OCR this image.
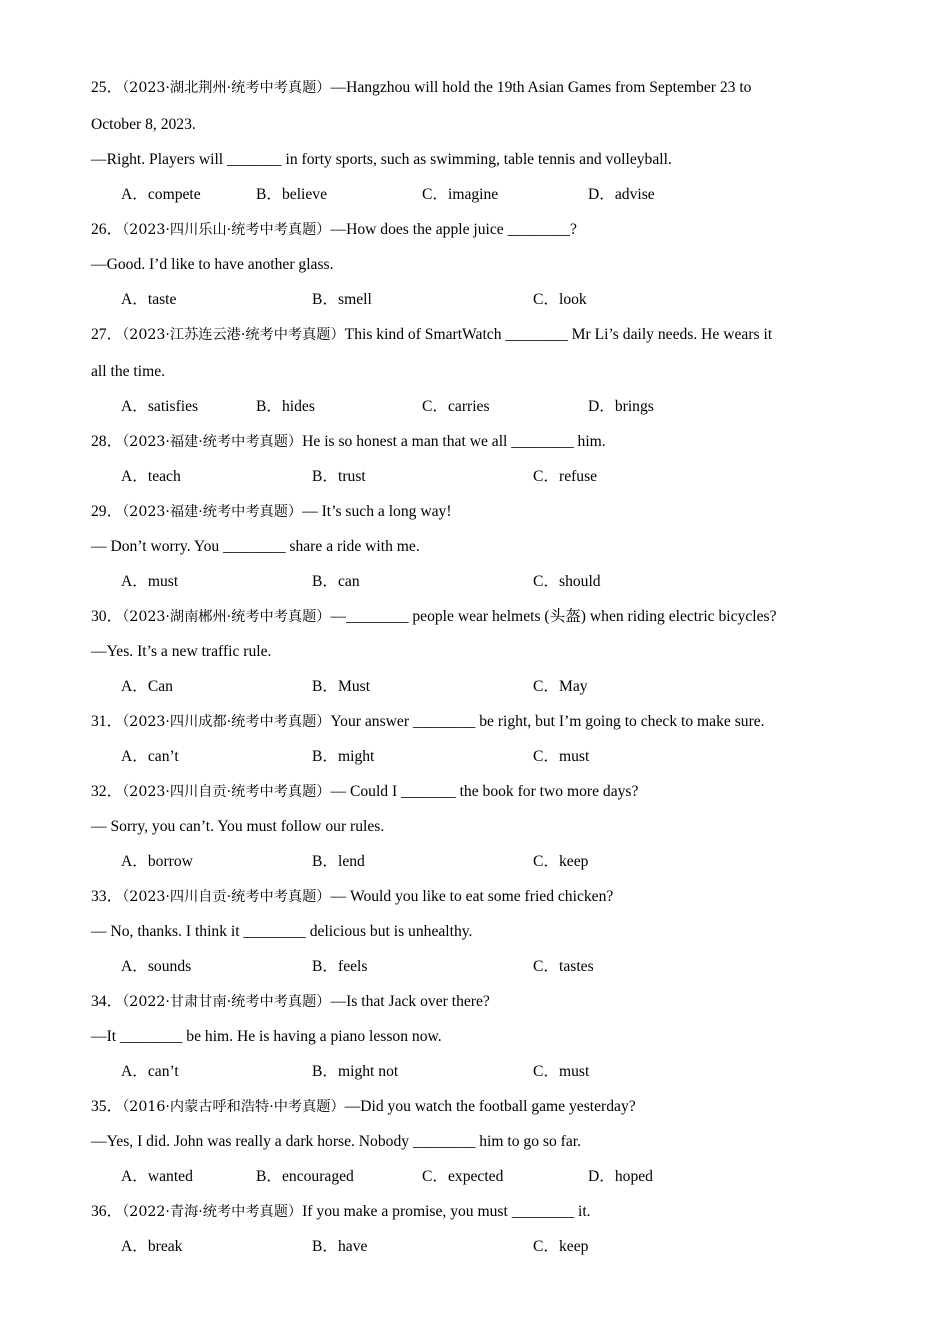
25．（2023·湖北荆州·统考中考真题）—Hangzhou will hold the 19th Asian Games from September 23 to
October 8, 2023.
—Right. Players will _______ in forty sports, such as swimming, table tennis and volleyball.
A．compete	B．believe	C．imagine	D．advise
26．（2023·四川乐山·统考中考真题）—How does the apple juice ________?
—Good. I’d like to have another glass.
A．taste	B．smell	C．look
27．（2023·江苏连云港·统考中考真题）This kind of SmartWatch ________ Mr Li’s daily needs. He wears it
all the time.
A．satisfies	B．hides	C．carries	D．brings
28．（2023·福建·统考中考真题）He is so honest a man that we all ________ him.
A．teach	B．trust	C．refuse
29．（2023·福建·统考中考真题）— It’s such a long way!
— Don’t worry. You ________ share a ride with me.
A．must	B．can	C．should
30．（2023·湖南郴州·统考中考真题）—________ people wear helmets (头盔) when riding electric bicycles?
—Yes. It’s a new traffic rule.
A．Can	B．Must	C．May
31．（2023·四川成都·统考中考真题）Your answer ________ be right, but I’m going to check to make sure.
A．can’t	B．might	C．must
32．（2023·四川自贡·统考中考真题）— Could I _______ the book for two more days?
— Sorry, you can’t. You must follow our rules.
A．borrow	B．lend	C．keep
33．（2023·四川自贡·统考中考真题）— Would you like to eat some fried chicken?
— No, thanks. I think it ________ delicious but is unhealthy.
A．sounds	B．feels	C．tastes
34．（2022·甘肃甘南·统考中考真题）—Is that Jack over there?
—It ________ be him. He is having a piano lesson now.
A．can’t	B．might not	C．must
35．（2016·内蒙古呼和浩特·中考真题）—Did you watch the football game yesterday?
—Yes, I did. John was really a dark horse. Nobody ________ him to go so far.
A．wanted	B．encouraged	C．expected	D．hoped
36．（2022·青海·统考中考真题）If you make a promise, you must ________ it.
A．break	B．have	C．keep
